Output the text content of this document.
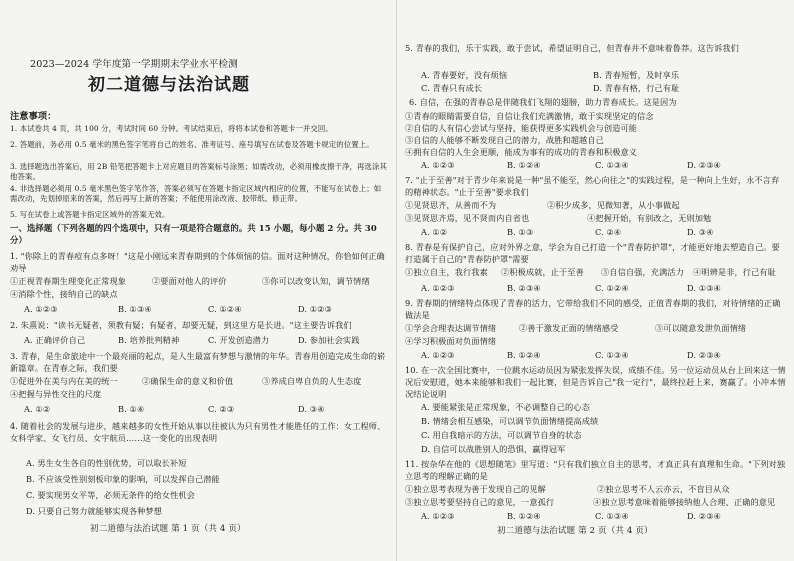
2023—2024 学年度第一学期期末学业水平检测
初二道德与法治试题
注意事项：
1. 本试卷共 4 页，共 100 分，考试时间 60 分钟。考试结束后，将将本试卷和答题卡一并交回。
2. 答题前，务必用 0.5 毫米的黑色签字笔将自己的姓名、准考证号、座号填写在试卷及答题卡规定的位置上。
3. 选择题选出答案后，用 2B 铅笔把答题卡上对应题目的答案标号涂黑；如需改动，必须用橡皮擦干净，再选涂其他答案。
4. 非选择题必须用 0.5 毫米黑色签字笔作答，答案必须写在答题卡指定区域内相应的位置，不能写在试卷上；如需改动，先划掉原来的答案，然后再写上新的答案；不能使用涂改液、胶带纸、修正带。
5. 写在试卷上或答题卡指定区域外的答案无效。
一、选择题（下列各题的四个选项中，只有一项是符合题意的。共 15 小题，每小题 2 分。共 30 分）
1. "你除上的青春痘有点多呀！"这是小刚远来青春期到的个体烦恼的信。面对这种情况，你恰如何正确劝导
①正视青春期生理变化正常现象	②要面对他人的评价	③你可以改变认知，调节情绪
④消除个性，接纳自己的缺点
A. ①②③	B. ①③④	C. ①②④	D. ①②③
2. 朱熹说："读书无疑者，须教有疑；有疑者，却要无疑，到这里方是长进。"这主要告诉我们
A. 正确评价自己	B. 培养批判精神	C. 开发创造潜力	D. 参加社会实践
3. 青春，是生命旅途中一个最亮丽的起点，是人生最富有梦想与激情的年华。青春用创造完成生命的崭新篇章。在青春之际，我们要
①促进外在美与内在美的统一	②确保生命的意义和价值	③养成自卑自负的人生态度
④把握与异性交往的尺度
A. ①②	B. ①④	C. ②③	D. ③④
4. 随着社会的发展与进步，越来越多的女性开始从事以往被认为只有男性才能胜任的工作：女工程师、女科学家、女飞行员、女宇航员……这一变化的出现表明
A. 男生女生各自的性别优势，可以取长补短
B. 不应该受性别刻板印象的影响，可以发挥自己潜能
C. 要实现男女平等，必须无条件的给女性机会
D. 只要自己努力就能够实现各种梦想
初二道德与法治试题 第 1 页（共 4 页）
5. 青春的我们，乐于实践，敢于尝试，希望证明自己，但青春并不意味着鲁莽。这告诉我们
A. 青春要好，没有烦恼	B. 青春短暂，及时享乐
C. 青春只有成长	D. 青春有格，行己有耻
6. 自信，在强的青春总是伴随我们飞翔的翅膀，助力青春成长。这是因为
①青春的眼睛需要自信，自信让我们充满激情，敢于实现坚定的信念
②自信的人有信心尝试与坚持，能获得更多实践机会与创造可能
③自信的人能够不断发现自己的潜力，战胜和超越自己
④拥有自信的人生会更顺，能成为事有的成功的青春和积极意义
A. ①②③	B. ①②④	C. ①③④	D. ②③④
7. "止于至善"对于青少年来说是一种"虽不能至，然心向往之"的实践过程，是一种向上生好，永不言弃的精神状态。"止于至善"要求我们
①见贤思齐，从善而不为	②积少成多，见微知著，从小事做起
③见贤思齐焉，见不贤而内自省也	④把握开始，有别改之，无则加勉
A. ①②	B. ①③	C. ②④	D. ③④
8. 青春是有保护自己，应对外界之意，学会为自己打造一个"青春防护罩"，才能更好地去塑造自己。要打造属于自己的"青春防护罩"需要
①独立自主，我行我素 ②积极成就，止于至善 ③自信自强，充满活力 ④明辨是非，行己有耻
A. ①②③	B. ②③④	C. ①②④	D. ①③④
9. 青春期的情绪特点体现了青春的活力，它带给我们不同的感受，正值青春期的我们，对待情绪的正确做法是
①学会合理表达调节情绪	②善于激发正面的情绪感受	③可以随意发泄负面情绪
④学习积极面对负面情绪
A. ①②③	B. ①②④	C. ①③④	D. ②③④
10. 在一次全国比赛中，一位跳水运动员因为紧张发挥失误，成绩不佳。另一位运动员从台上回来这一情况后安慰道，她本来能够和我们一起比赛，但是告诉自己"我一定行"，最终拉赶上来，赛赢了。小冲本情况结论说明
A. 要能紧张是正常现象，不必调整自己的心态
B. 情绪会相互感染，可以调节负面情绪提高成绩
C. 用自我暗示的方法，可以调节自身的状态
D. 自信可以战胜别人的恐惧，赢得冠军
11. 按杂华在他的《思想随笔》里写道："只有我们独立自主的思考，才真正具有真理和生命。"下列对独立思考的理解正确的是
①独立思考表现为善于发现自己的见解	②独立思考不人云亦云，不盲目从众
③独立思考要坚持自己的意见，一意孤行	④独立思考意味着能够接纳他人合理、正确的意见
A. ①②③	B. ①②④	C. ①③④	D. ②③④
初二道德与法治试题 第 2 页（共 4 页）
